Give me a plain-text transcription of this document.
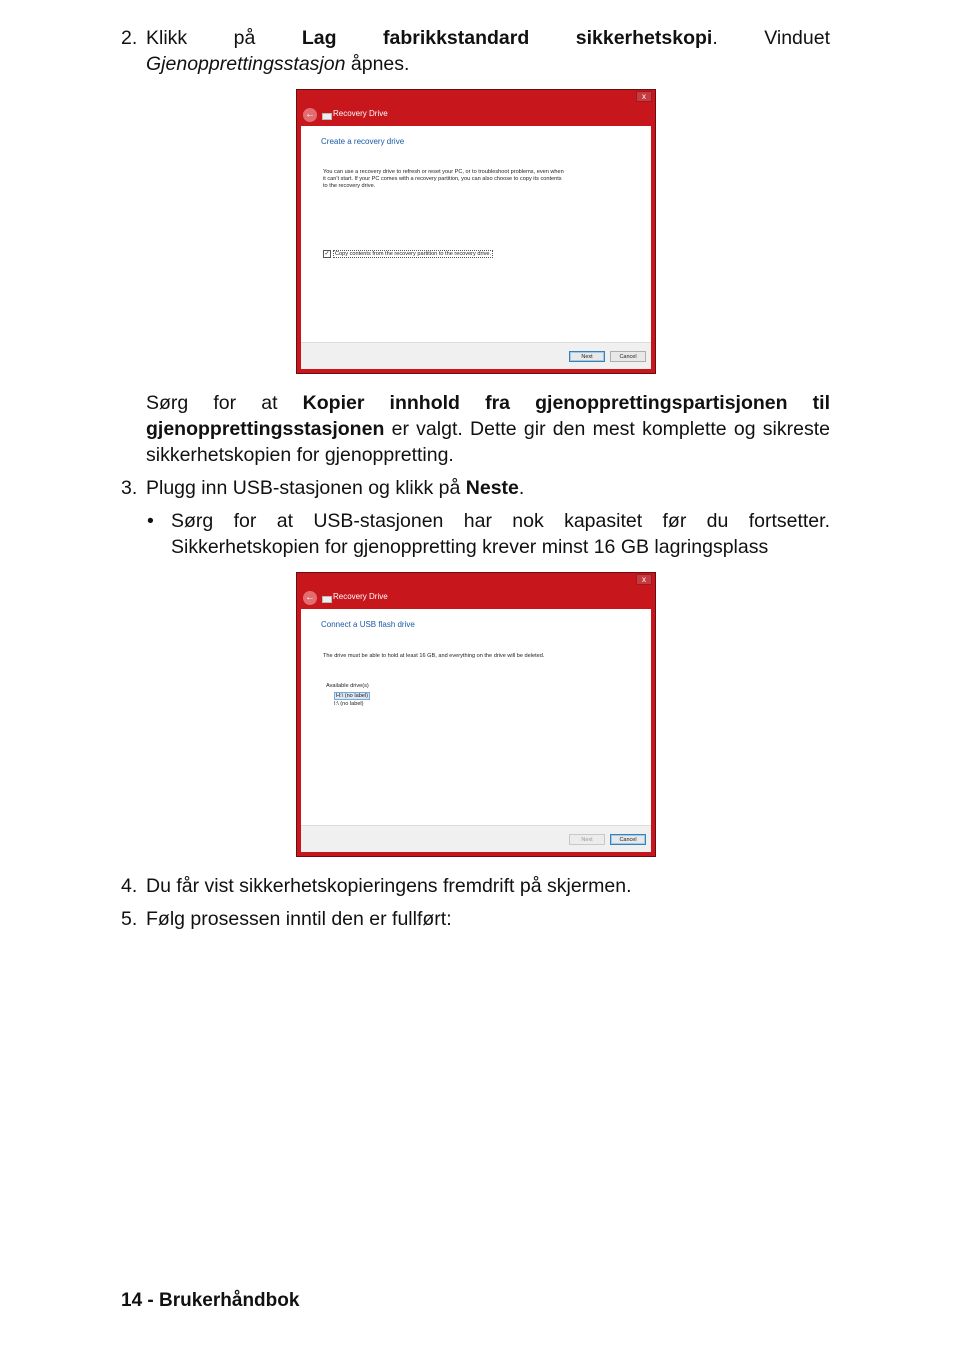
2. Klikk på Lag fabrikkstandard sikkerhetskopi. Vinduet
Gjenopprettingsstasjon åpnes.
x
← Recovery Drive
Create a recovery drive
You can use a recovery drive to refresh or reset your PC, or to troubleshoot problems, even when
it can't start. If your PC comes with a recovery partition, you can also choose to copy its contents
to the recovery drive.
✓ Copy contents from the recovery partition to the recovery drive.
Next	Cancel
Sørg for at Kopier innhold fra gjenopprettingspartisjonen til gjenopprettingsstasjonen er valgt. Dette gir den mest komplette og sikreste sikkerhetskopien for gjenoppretting.
3. Plugg inn USB-stasjonen og klikk på Neste.
• Sørg for at USB-stasjonen har nok kapasitet før du fortsetter.
Sikkerhetskopien for gjenoppretting krever minst 16 GB lagringsplass
x
← Recovery Drive
Connect a USB flash drive
The drive must be able to hold at least 16 GB, and everything on the drive will be deleted.
Available drive(s)
H:\ (no label)
I:\ (no label)
Next	Cancel
4. Du får vist sikkerhetskopieringens fremdrift på skjermen.
5. Følg prosessen inntil den er fullført:
14 - Brukerhåndbok
